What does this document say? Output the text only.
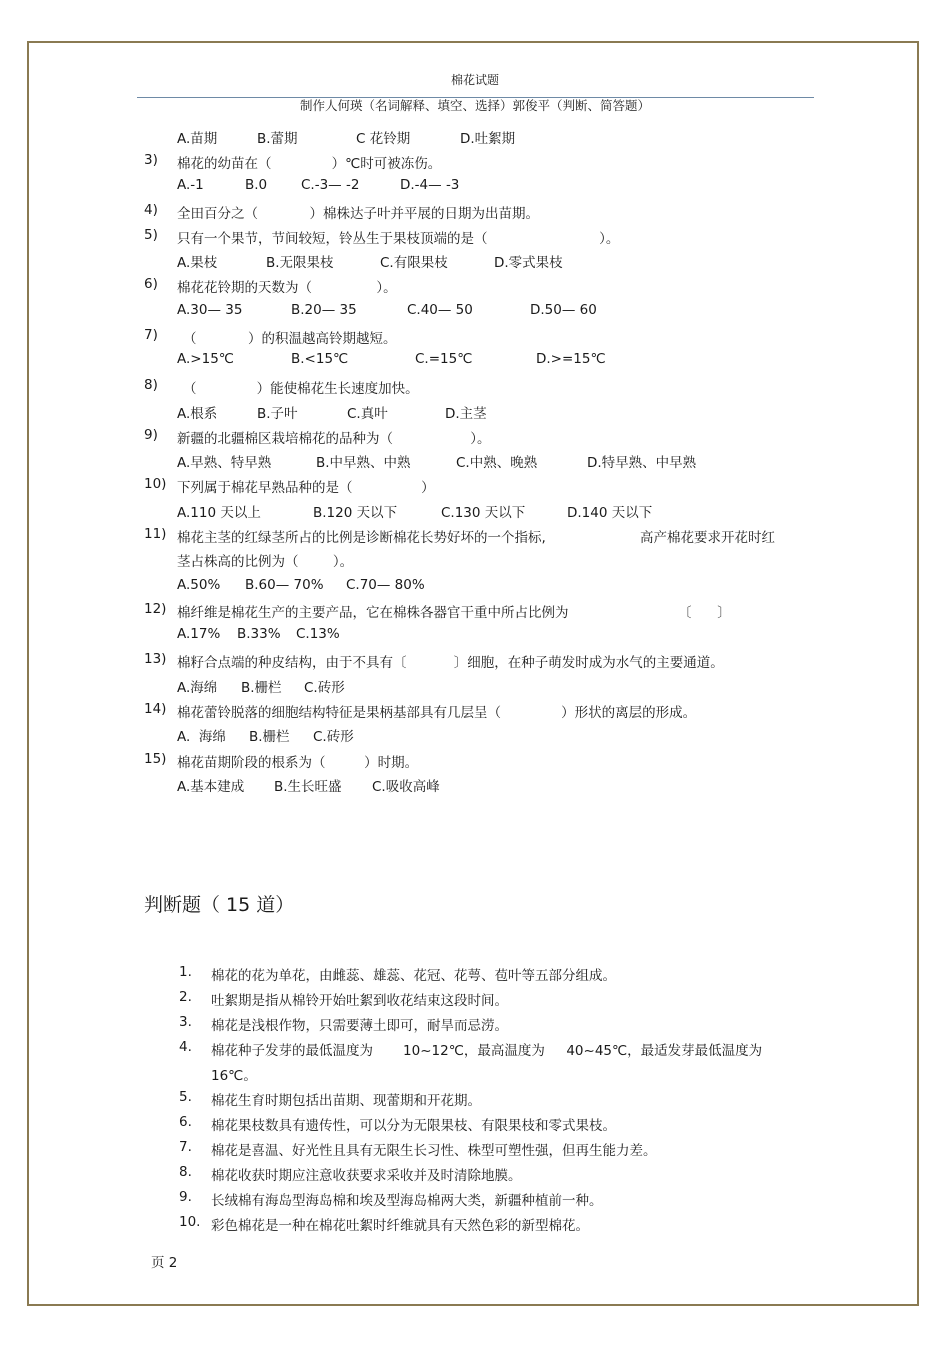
棉花试题
制作人何瑛（名词解释、填空、选择）郭俊平（判断、简答题）
A.苗期	B.蕾期	C 花铃期	D.吐絮期
3) 棉花的幼苗在（              ）℃时可被冻伤。
A.-1	B.0	C.-3— -2	D.-4— -3
4) 全田百分之（            ）棉株达子叶并平展的日期为出苗期。
5) 只有一个果节，节间较短，铃丛生于果枝顶端的是（                          ）。
A.果枝	B.无限果枝	C.有限果枝	D.零式果枝
6) 棉花花铃期的天数为（               ）。
A.30— 35	B.20— 35	C.40— 50	D.50— 60
7) （            ）的积温越高铃期越短。
A.>15℃	B.<15℃	C.=15℃	D.>=15℃
8) （              ）能使棉花生长速度加快。
A.根系	B.子叶	C.真叶	D.主茎
9) 新疆的北疆棉区栽培棉花的品种为（                  ）。
A.早熟、特早熟	B.中早熟、中熟	C.中熟、晚熟	D.特早熟、中早熟
10) 下列属于棉花早熟品种的是（                ）
A.110 天以上	B.120 天以下	C.130 天以下	D.140 天以下
11) 棉花主茎的红绿茎所占的比例是诊断棉花长势好坏的一个指标,	高产棉花要求开花时红
茎占株高的比例为（        ）。
A.50% B.60— 70% C.70— 80%
12) 棉纤维是棉花生产的主要产品，它在棉株各器官干重中所占比例为	〔      〕
A.17% B.33% C.13%
13) 棉籽合点端的种皮结构，由于不具有〔           〕细胞，在种子萌发时成为水气的主要通道。
A.海绵 B.栅栏 C.砖形
14) 棉花蕾铃脱落的细胞结构特征是果柄基部具有几层呈（              ）形状的离层的形成。
A.  海绵 B.栅栏 C.砖形
15) 棉花苗期阶段的根系为（         ）时期。
A.基本建成 B.生长旺盛 C.吸收高峰
判断题（ 15 道）
1. 棉花的花为单花，由雌蕊、雄蕊、花冠、花萼、苞叶等五部分组成。
2. 吐絮期是指从棉铃开始吐絮到收花结束这段时间。
3. 棉花是浅根作物，只需要薄土即可，耐旱而忌涝。
4. 棉花种子发芽的最低温度为       10~12℃，最高温度为     40~45℃，最适发芽最低温度为
16℃。
5. 棉花生育时期包括出苗期、现蕾期和开花期。
6. 棉花果枝数具有遗传性，可以分为无限果枝、有限果枝和零式果枝。
7. 棉花是喜温、好光性且具有无限生长习性、株型可塑性强，但再生能力差。
8. 棉花收获时期应注意收获要求采收并及时清除地膜。
9. 长绒棉有海岛型海岛棉和埃及型海岛棉两大类，新疆种植前一种。
10. 彩色棉花是一种在棉花吐絮时纤维就具有天然色彩的新型棉花。
页 2
